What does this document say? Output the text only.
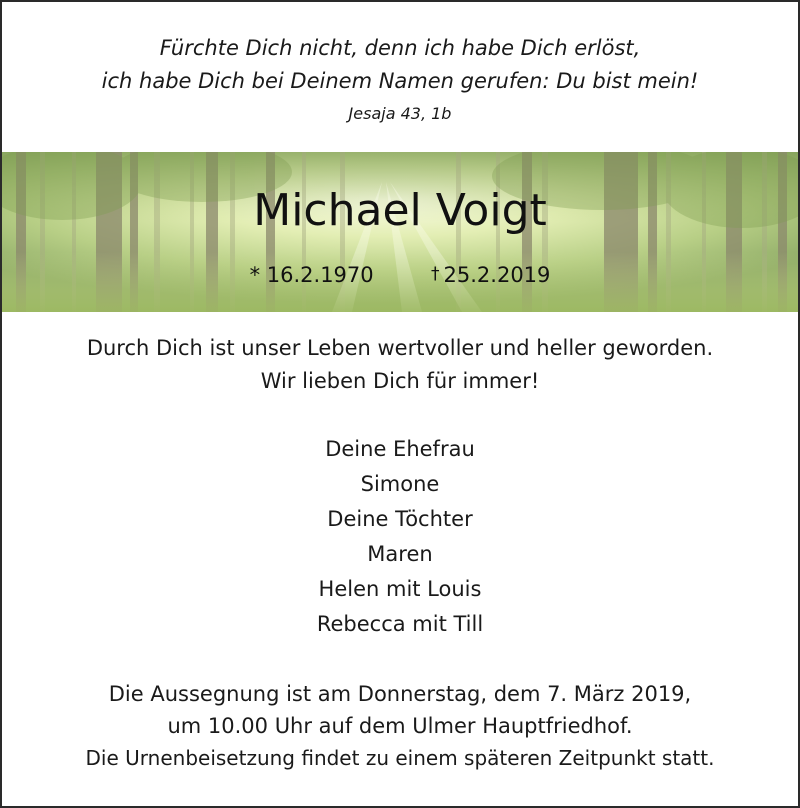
Fürchte Dich nicht, denn ich habe Dich erlöst,
ich habe Dich bei Deinem Namen gerufen: Du bist mein!
Jesaja 43, 1b
Michael Voigt
* 16.2.1970	† 25.2.2019
Durch Dich ist unser Leben wertvoller und heller geworden.
Wir lieben Dich für immer!
Deine Ehefrau
Simone
Deine Töchter
Maren
Helen mit Louis
Rebecca mit Till
Die Aussegnung ist am Donnerstag, dem 7. März 2019,
um 10.00 Uhr auf dem Ulmer Hauptfriedhof.
Die Urnenbeisetzung findet zu einem späteren Zeitpunkt statt.
